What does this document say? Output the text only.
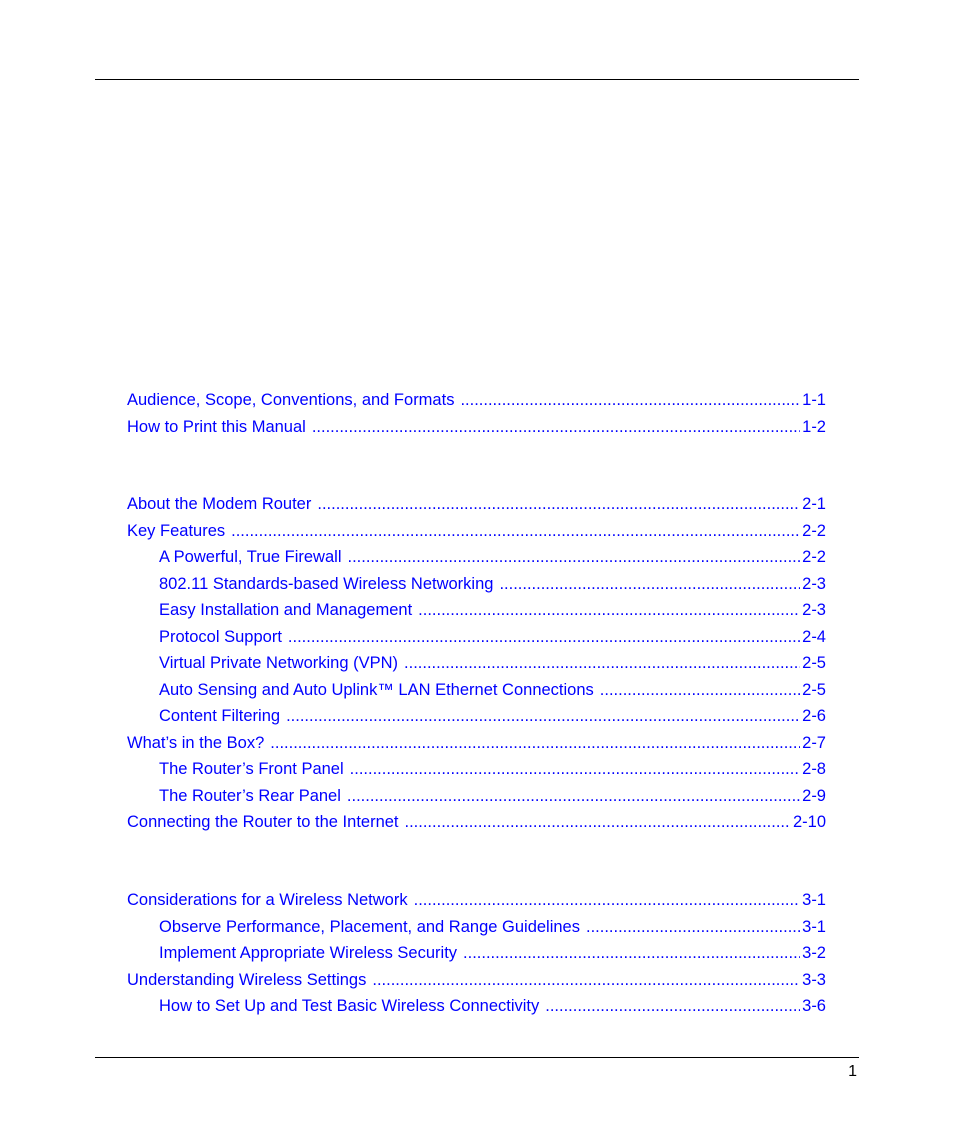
Audience, Scope, Conventions, and Formats .....	1-1
How to Print this Manual .....	1-2
About the Modem Router .....	2-1
Key Features .....	2-2
A Powerful, True Firewall .....	2-2
802.11 Standards-based Wireless Networking .....	2-3
Easy Installation and Management .....	2-3
Protocol Support .....	2-4
Virtual Private Networking (VPN) .....	2-5
Auto Sensing and Auto Uplink™ LAN Ethernet Connections .....	2-5
Content Filtering .....	2-6
What’s in the Box? .....	2-7
The Router’s Front Panel .....	2-8
The Router’s Rear Panel .....	2-9
Connecting the Router to the Internet .....	2-10
Considerations for a Wireless Network .....	3-1
Observe Performance, Placement, and Range Guidelines .....	3-1
Implement Appropriate Wireless Security .....	3-2
Understanding Wireless Settings .....	3-3
How to Set Up and Test Basic Wireless Connectivity .....	3-6
1
